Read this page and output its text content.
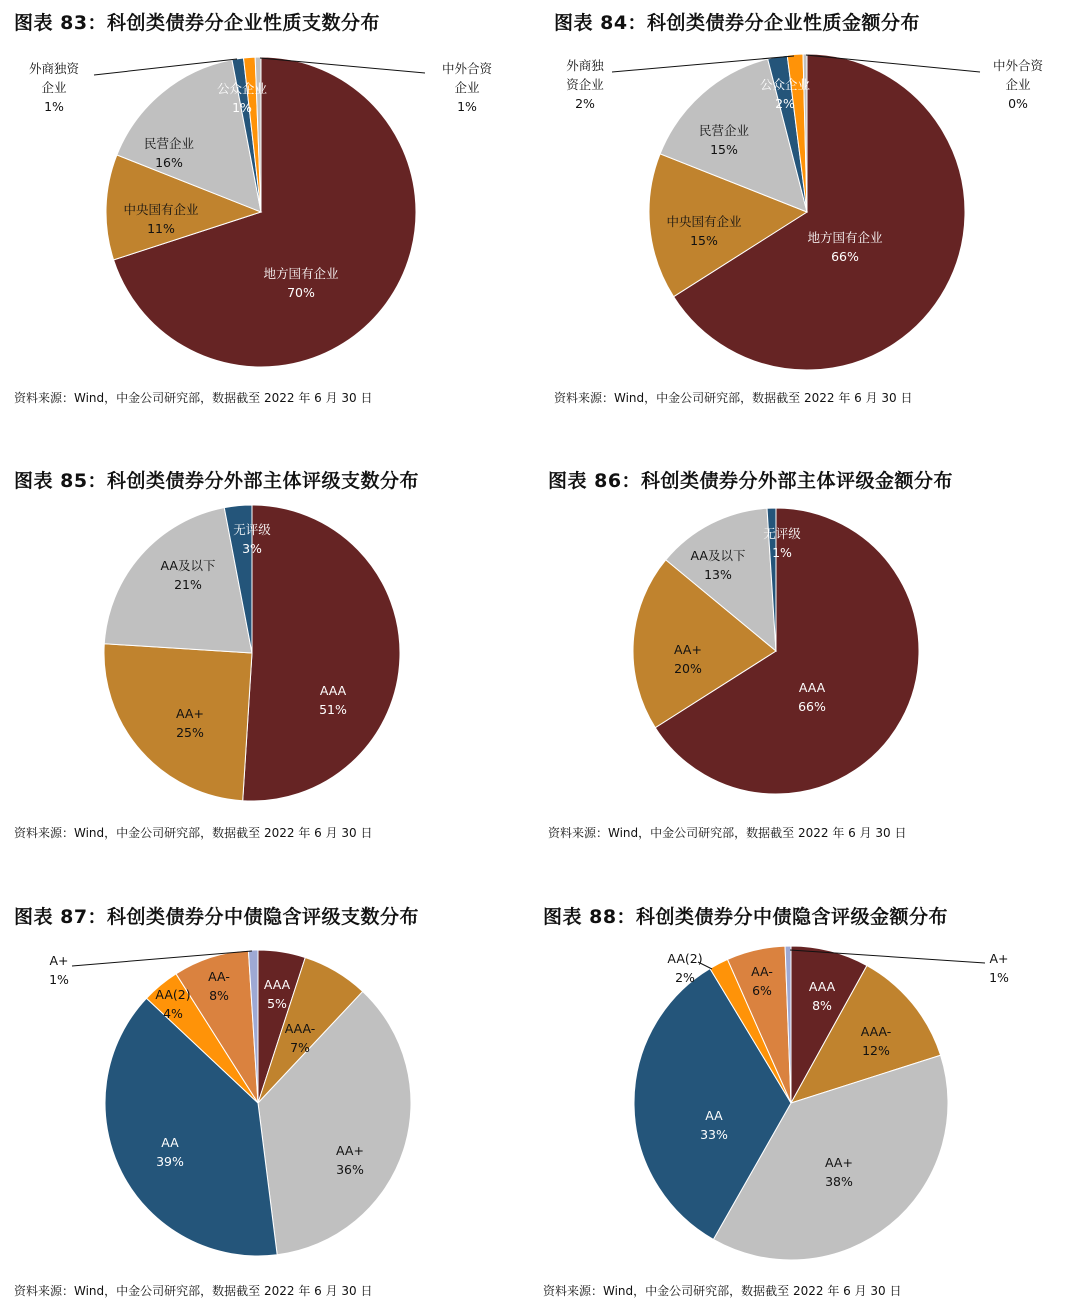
图表 83：科创类债券分企业性质支数分布
资料来源：Wind，中金公司研究部，数据截至 2022 年 6 月 30 日
图表 84：科创类债券分企业性质金额分布
资料来源：Wind，中金公司研究部，数据截至 2022 年 6 月 30 日
图表 85：科创类债券分外部主体评级支数分布
资料来源：Wind，中金公司研究部，数据截至 2022 年 6 月 30 日
图表 86：科创类债券分外部主体评级金额分布
资料来源：Wind，中金公司研究部，数据截至 2022 年 6 月 30 日
图表 87：科创类债券分中债隐含评级支数分布
资料来源：Wind，中金公司研究部，数据截至 2022 年 6 月 30 日
图表 88：科创类债券分中债隐含评级金额分布
资料来源：Wind，中金公司研究部，数据截至 2022 年 6 月 30 日
地方国有企业 70%
中央国有企业 11%
民营企业 16%
外商独资企业 1%
公众企业 1%
中外合资企业 1%
地方国有企业 66%
中央国有企业 15%
民营企业 15%
外商独资企业 2%
公众企业 2%
中外合资企业 0%
AAA 51%
AA+ 25%
AA及以下 21%
无评级 3%
AAA 66%
AA+ 20%
AA及以下 13%
无评级 1%
AAA 5%
AAA-7%
AA+ 36%
AA 39%
AA(2) 4%
AA-8%
A+ 1%	AAA 8%
AAA-12%
AA+ 38%
AA 33%
AA(2) 2%	AA-6%
A+ 1%
